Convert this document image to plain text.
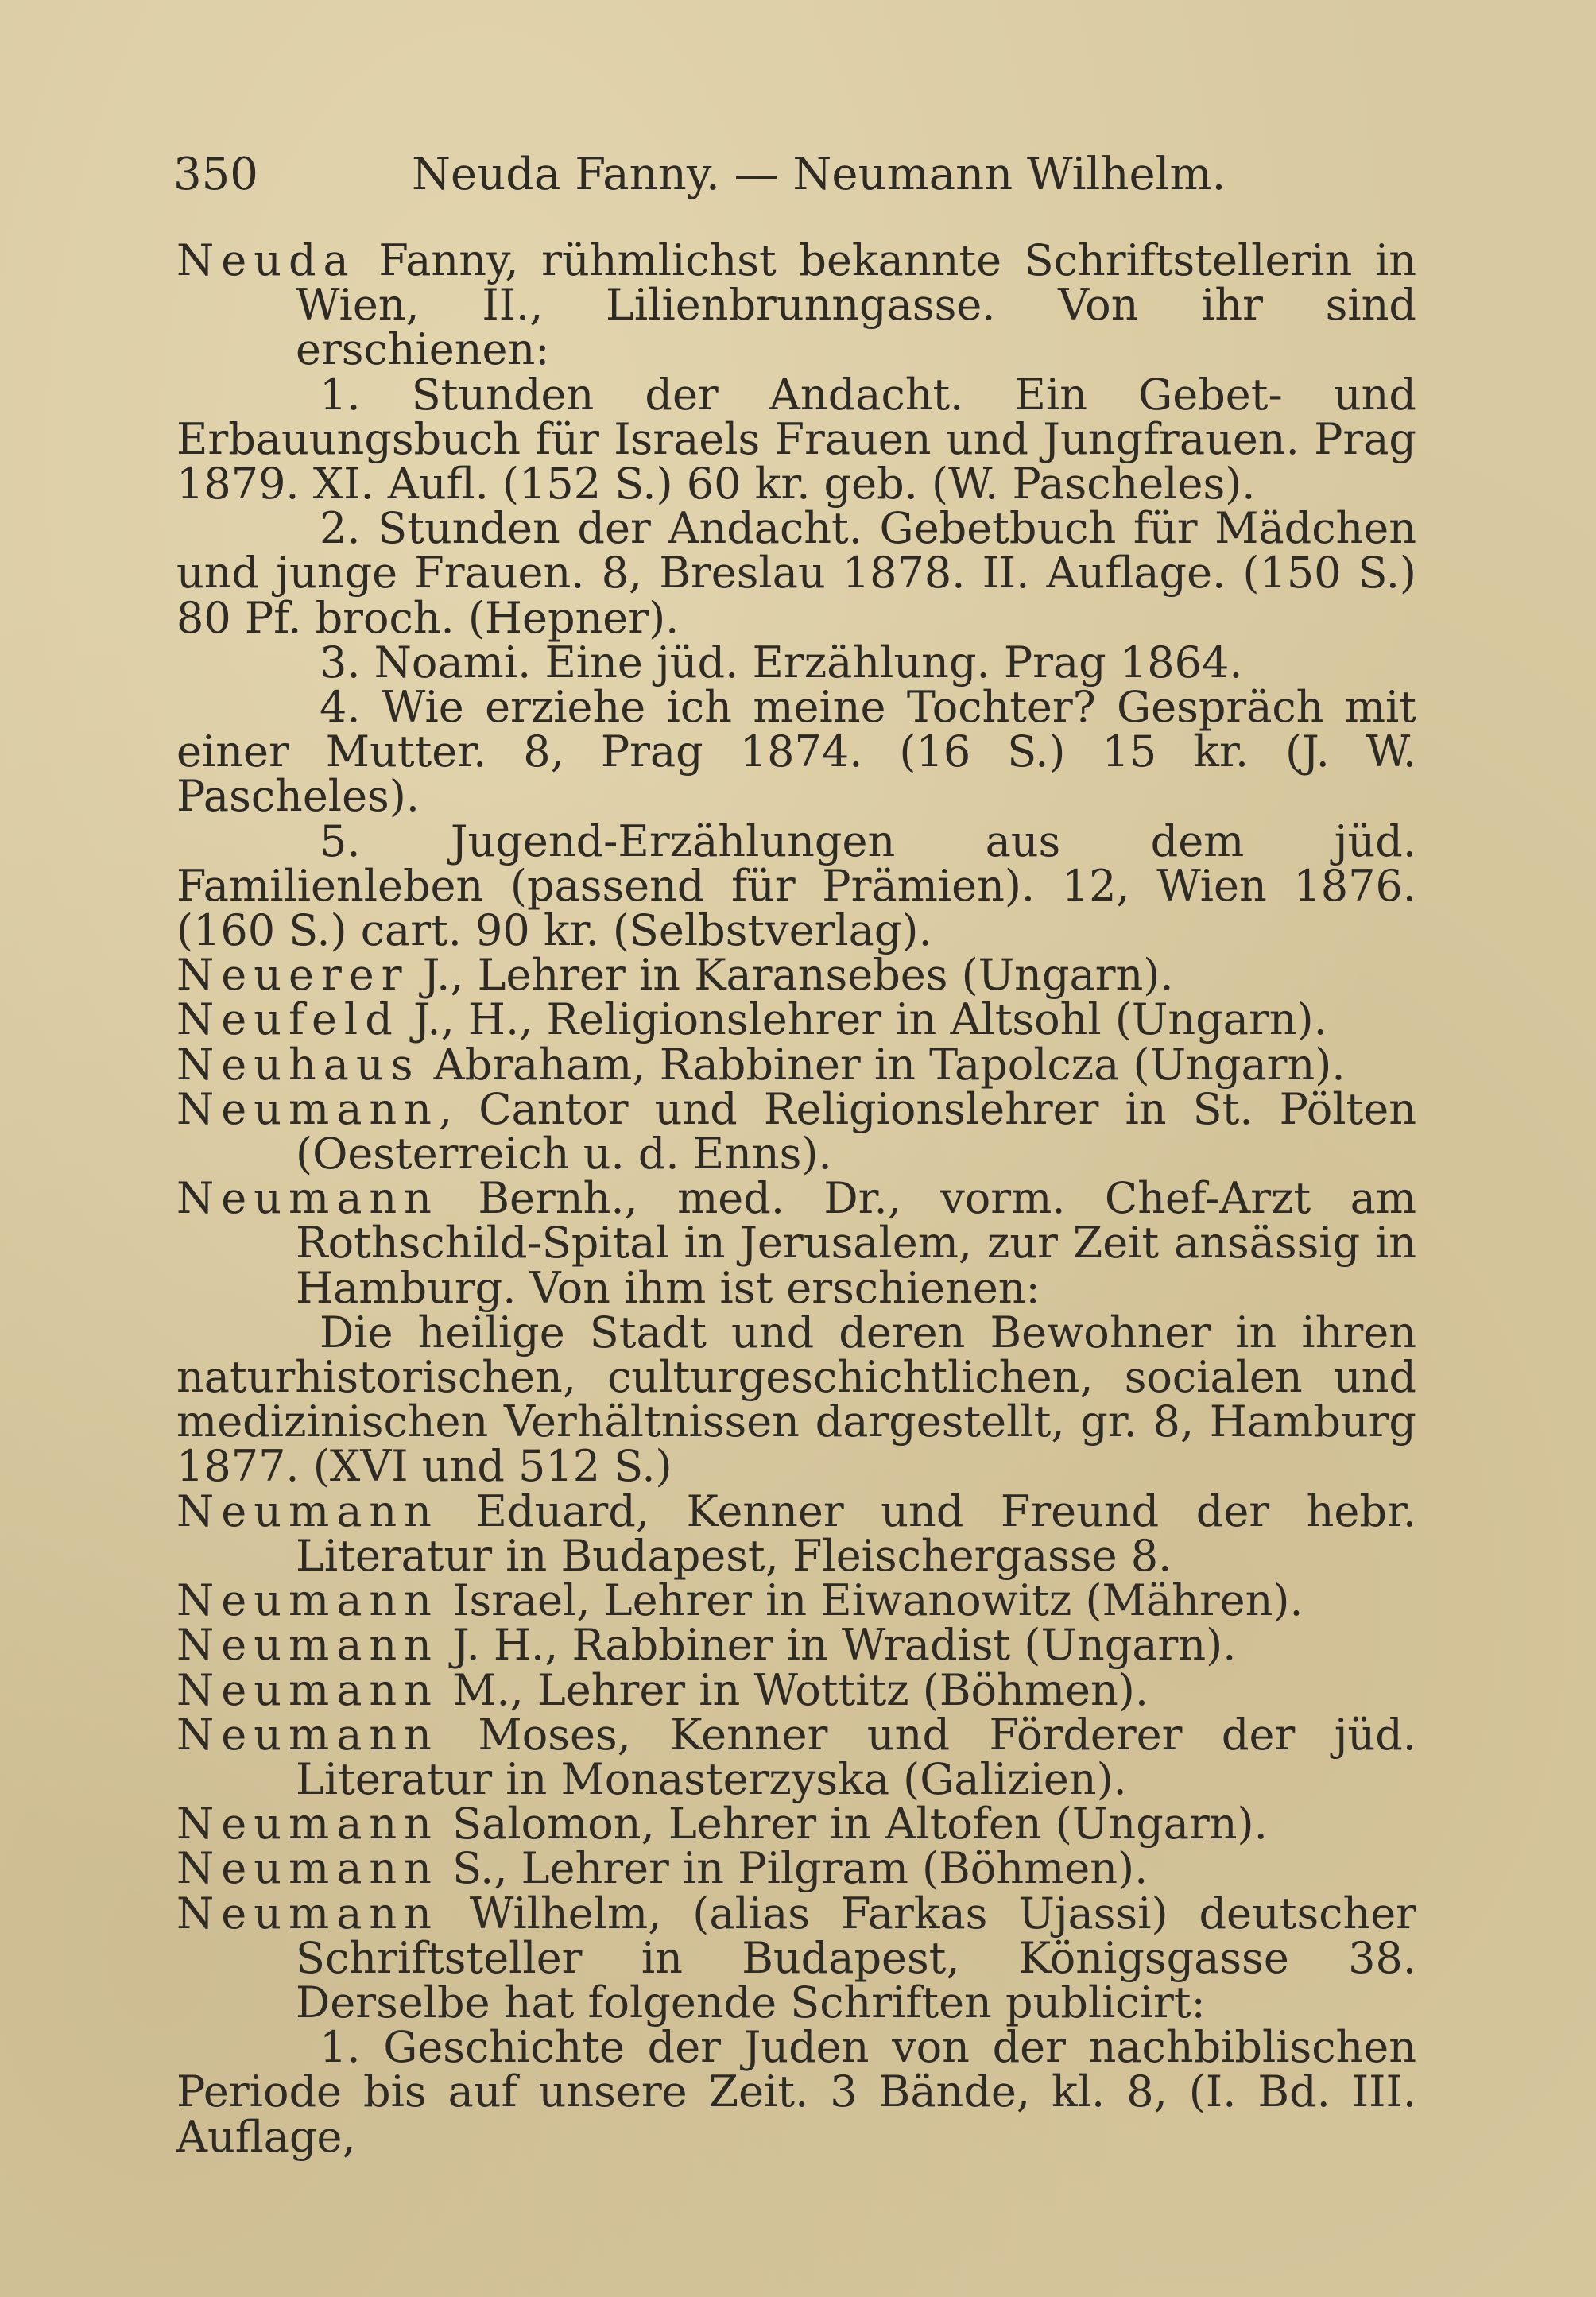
350	Neuda Fanny. — Neumann Wilhelm.

Neuda Fanny, rühmlichst bekannte Schriftstellerin in Wien, II., Lilienbrunngasse. Von ihr sind erschienen:

1. Stunden der Andacht. Ein Gebet- und Erbauungsbuch für Israels Frauen und Jungfrauen. Prag 1879. XI. Aufl. (152 S.) 60 kr. geb. (W. Pascheles).

2. Stunden der Andacht. Gebetbuch für Mädchen und junge Frauen. 8, Breslau 1878. II. Auflage. (150 S.) 80 Pf. broch. (Hepner).

3. Noami. Eine jüd. Erzählung. Prag 1864.

4. Wie erziehe ich meine Tochter? Gespräch mit einer Mutter. 8, Prag 1874. (16 S.) 15 kr. (J. W. Pascheles).

5. Jugend-Erzählungen aus dem jüd. Familienleben (passend für Prämien). 12, Wien 1876. (160 S.) cart. 90 kr. (Selbstverlag).

Neuerer J., Lehrer in Karansebes (Ungarn).

Neufeld J., H., Religionslehrer in Altsohl (Ungarn).

Neuhaus Abraham, Rabbiner in Tapolcza (Ungarn).

Neumann, Cantor und Religionslehrer in St. Pölten (Oesterreich u. d. Enns).

Neumann Bernh., med. Dr., vorm. Chef-Arzt am Rothschild-Spital in Jerusalem, zur Zeit ansässig in Hamburg. Von ihm ist erschienen:

Die heilige Stadt und deren Bewohner in ihren naturhistorischen, culturgeschichtlichen, socialen und medizinischen Verhältnissen dargestellt, gr. 8, Hamburg 1877. (XVI und 512 S.)

Neumann Eduard, Kenner und Freund der hebr. Literatur in Budapest, Fleischergasse 8.

Neumann Israel, Lehrer in Eiwanowitz (Mähren).

Neumann J. H., Rabbiner in Wradist (Ungarn).

Neumann M., Lehrer in Wottitz (Böhmen).

Neumann Moses, Kenner und Förderer der jüd. Literatur in Monasterzyska (Galizien).

Neumann Salomon, Lehrer in Altofen (Ungarn).

Neumann S., Lehrer in Pilgram (Böhmen).

Neumann Wilhelm, (alias Farkas Ujassi) deutscher Schriftsteller in Budapest, Königsgasse 38. Derselbe hat folgende Schriften publicirt:

1. Geschichte der Juden von der nachbiblischen Periode bis auf unsere Zeit. 3 Bände, kl. 8, (I. Bd. III. Auflage,
